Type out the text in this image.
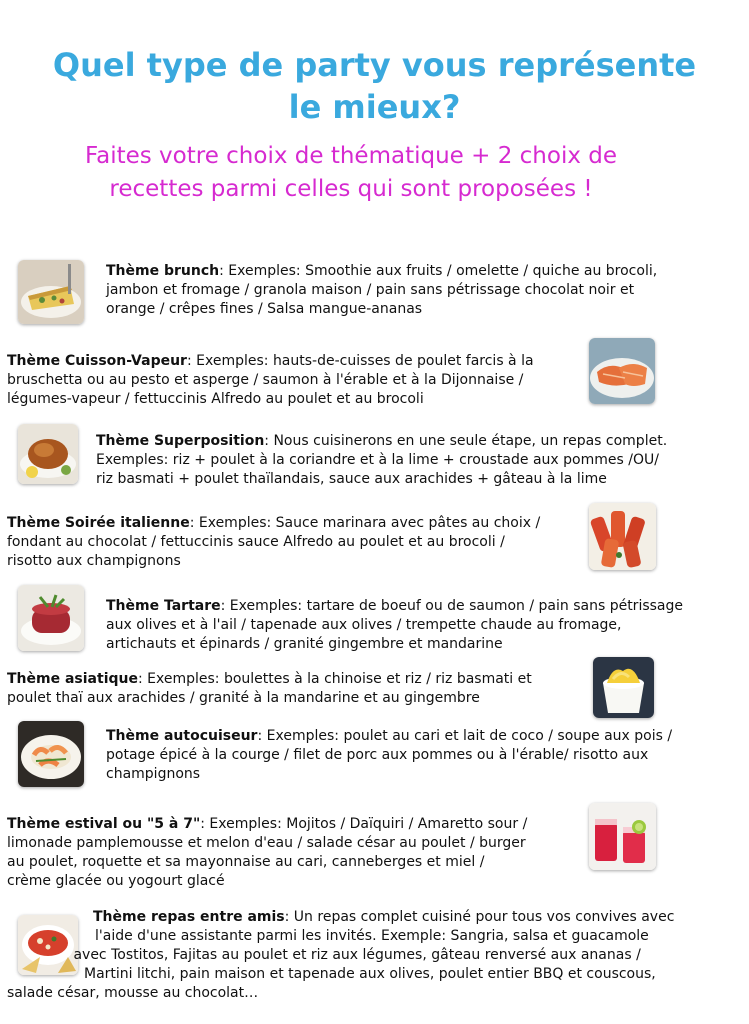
Quel type de party vous représente
le mieux?
Faites votre choix de thématique + 2 choix de
recettes parmi celles qui sont proposées !
Thème brunch: Exemples: Smoothie aux fruits / omelette / quiche au brocoli,
jambon et fromage / granola maison / pain sans pétrissage chocolat noir et
orange / crêpes fines / Salsa mangue-ananas
Thème Cuisson-Vapeur: Exemples: hauts-de-cuisses de poulet farcis à la
bruschetta ou au pesto et asperge / saumon à l'érable et à la Dijonnaise /
légumes-vapeur / fettuccinis Alfredo au poulet et au brocoli
Thème Superposition: Nous cuisinerons en une seule étape, un repas complet.
Exemples: riz + poulet à la coriandre et à la lime + croustade aux pommes /OU/
riz basmati + poulet thaïlandais, sauce aux arachides + gâteau à la lime
Thème Soirée italienne: Exemples: Sauce marinara avec pâtes au choix /
fondant au chocolat / fettuccinis sauce Alfredo au poulet et au brocoli /
risotto aux champignons
Thème Tartare: Exemples: tartare de boeuf ou de saumon / pain sans pétrissage
aux olives et à l'ail / tapenade aux olives / trempette chaude au fromage,
artichauts et épinards / granité gingembre et mandarine
Thème asiatique: Exemples: boulettes à la chinoise et riz / riz basmati et
poulet thaï aux arachides / granité à la mandarine et au gingembre
Thème autocuiseur: Exemples: poulet au cari et lait de coco / soupe aux pois /
potage épicé à la courge / filet de porc aux pommes ou à l'érable/ risotto aux
champignons
Thème estival ou "5 à 7": Exemples: Mojitos / Daïquiri / Amaretto sour /
limonade pamplemousse et melon d'eau / salade césar au poulet / burger
au poulet, roquette et sa mayonnaise au cari, canneberges et miel /
crème glacée ou yogourt glacé
Thème repas entre amis: Un repas complet cuisiné pour tous vos convives avec
l'aide d'une assistante parmi les invités. Exemple: Sangria, salsa et guacamole
avec Tostitos, Fajitas au poulet et riz aux légumes, gâteau renversé aux ananas /
Martini litchi, pain maison et tapenade aux olives, poulet entier BBQ et couscous,
salade césar, mousse au chocolat…
